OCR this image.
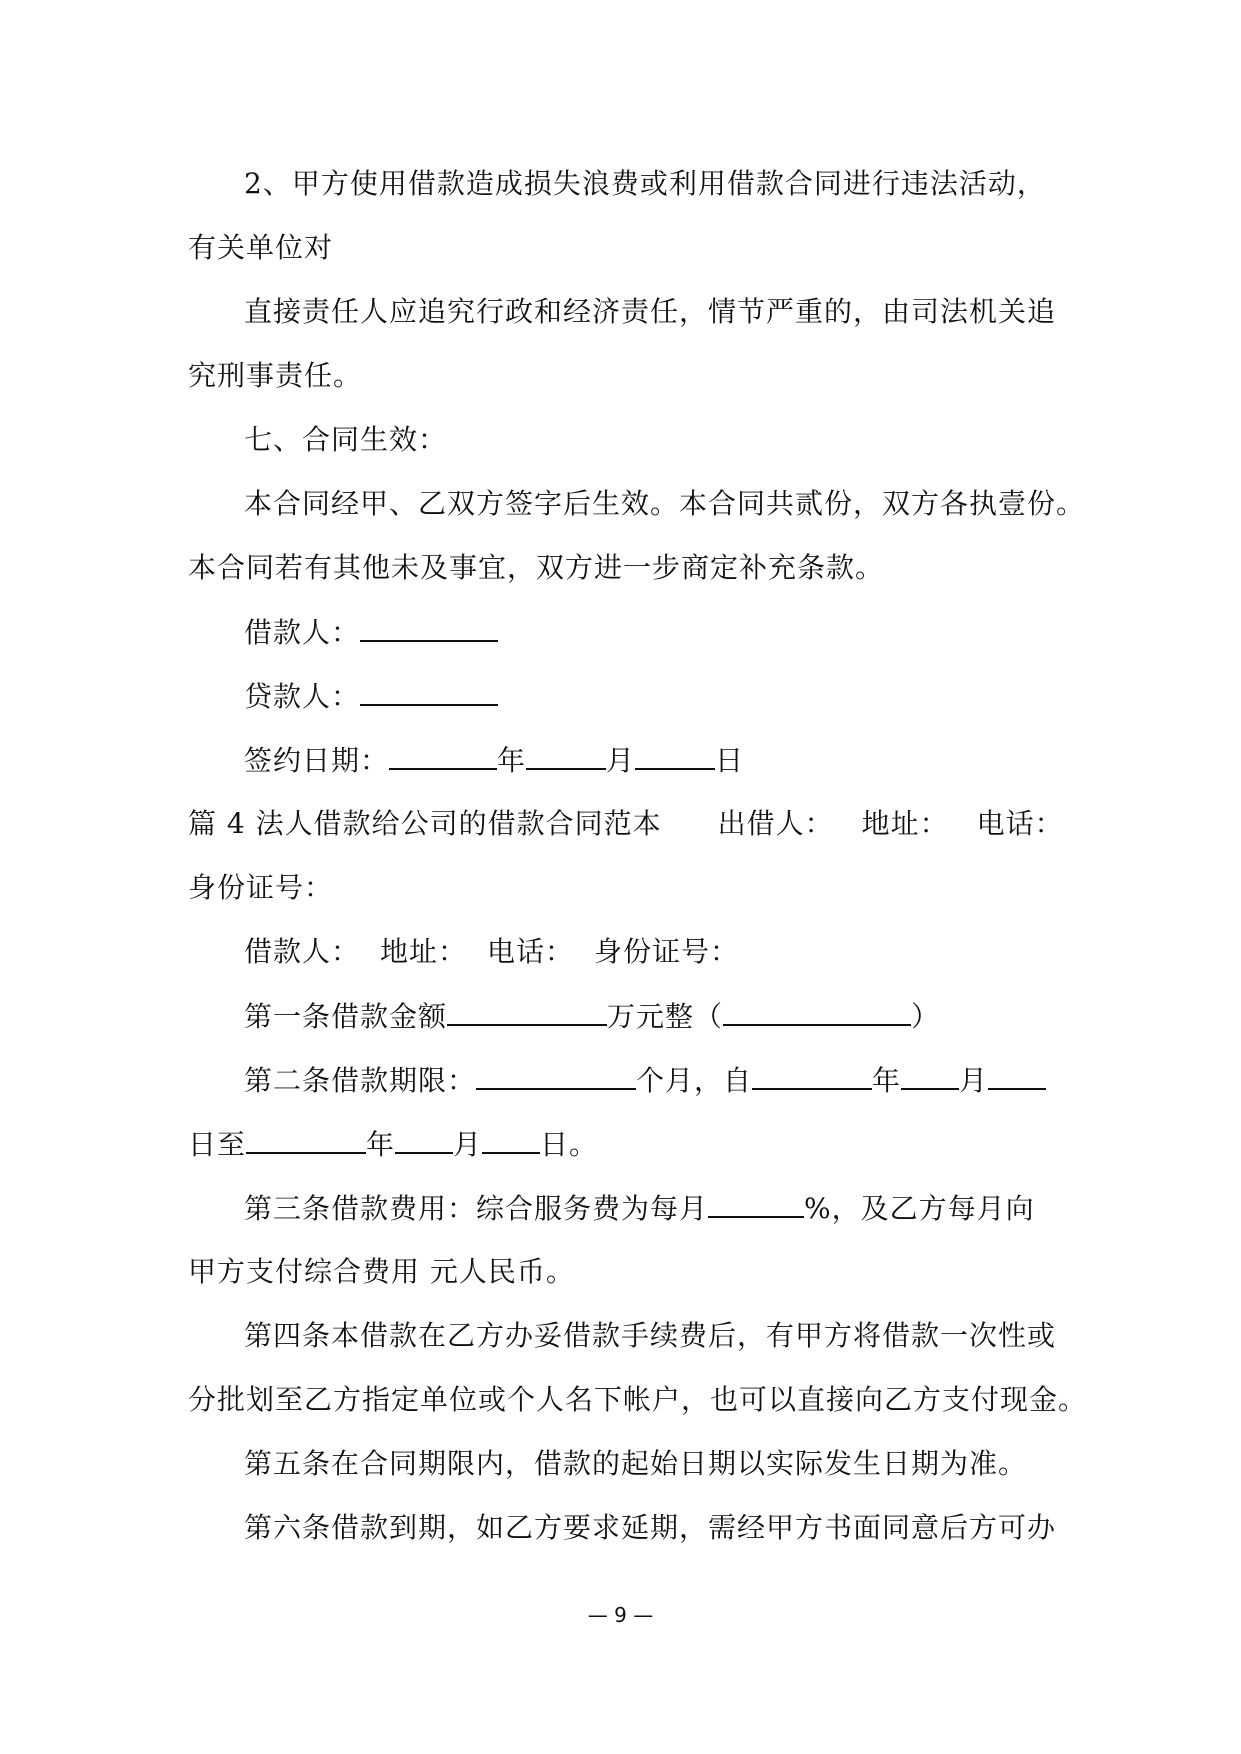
2、甲方使用借款造成损失浪费或利用借款合同进行违法活动，
有关单位对
直接责任人应追究行政和经济责任，情节严重的，由司法机关追
究刑事责任。
七、合同生效：
本合同经甲、乙双方签字后生效。本合同共贰份，双方各执壹份。
本合同若有其他未及事宜，双方进一步商定补充条款。
借款人：
贷款人：
签约日期：	年	月	日
篇 4 法人借款给公司的借款合同范本 出借人： 地址： 电话：
身份证号：
借款人： 地址： 电话： 身份证号：
第一条借款金额	万元整（	）
第二条借款期限：	个月，自	年 月
日至	年 月 日。
第三条借款费用：综合服务费为每月	%，及乙方每月向
甲方支付综合费用 元人民币。
第四条本借款在乙方办妥借款手续费后，有甲方将借款一次性或
分批划至乙方指定单位或个人名下帐户，也可以直接向乙方支付现金。
第五条在合同期限内，借款的起始日期以实际发生日期为准。
第六条借款到期，如乙方要求延期，需经甲方书面同意后方可办
— 9 —
